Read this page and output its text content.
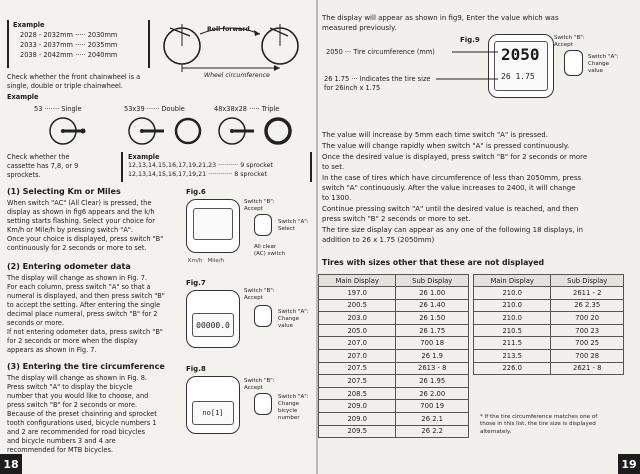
Example
2028 - 2032mm ····· 2030mm
2033 - 2037mm ····· 2035mm
2038 - 2042mm ····· 2040mm
Roll forward
Wheel circumference
Check whether the front chainwheel is a
single, double or triple chainwheel.
Example
53 ······· Single	53x39 ······ Double	48x38x28 ····· Triple
Check whether the
cassette has 7,8, or 9
sprockets.
Example
12,13,14,15,16,17,19,21,23 ·········· 9 sprocket
12,13,14,15,16,17,19,21 ············ 8 sprocket
(1) Selecting Km or Miles
When switch "AC" (All Clear) is pressed, the
display as shown in fig6 appears and the k/h
setting starts flashing. Select your choice for
Km/h or Mile/h by pressing switch "A".
Once your choice is displayed, press switch "B"
continuously for 2 seconds or more to set.
(2) Entering odometer data
The display will change as shown in Fig. 7.
For each column, press switch "A" so that a
numeral is displayed, and then press switch "B"
to accept the setting. After entering the single
decimal place numeral, press switch "B" for 2
seconds or more.
If not entering odometer data, press switch "B"
for 2 seconds or more when the display
appears as shown in Fig. 7.
(3) Entering the tire circumference
The display will change as shown in Fig. 8.
Press switch "A" to display the bicycle
number that you would like to choose, and
press switch "B" for 2 seconds or more.
Because of the preset chainring and sprocket
tooth configurations used, bicycle numbers 1
and 2 are recommended for road bicycles
and bicycle numbers 3 and 4 are
recommended for MTB bicycles.
Fig.6
Km/h Mile/h
Switch "B":
Accept
Switch "A":
Select
All clear
(AC) switch
Fig.7
00000.0
Switch "B":
Accept
Switch "A":
Change
value
Fig.8
no[1]
Switch "B":
Accept
Switch "A":
Change
bicycle
number
18
The display will appear as shown in fig9, Enter the value which was
measured previously.
Fig.9
2050
26 1.75
Switch "B":
Accept
Switch "A":
Change
value
2050 ··· Tire circumference (mm)
26 1.75 ··· Indicates the tire size
for 26inch x 1.75
The value will increase by 5mm each time switch "A" is pressed.
The value will change rapidly when switch "A" is pressed continuously.
Once the desired value is displayed, press switch "B" for 2 seconds or more
to set.
In the case of tires which have circumference of less than 2050mm, press
switch "A" continuously. After the value increases to 2400, it will change
to 1300.
Continue pressing switch "A" until the desired value is reached, and then
press switch "B" 2 seconds or more to set.
The tire size display can appear as any one of the following 18 displays, in
addition to 26 x 1.75 (2050mm)
Tires with sizes other that these are not displayed
Main Display	Sub Display		Main Display	Sub Display
197.0	26 1.00		210.0	2611 - 2
200.5	26 1.40		210.0	26 2.35
203.0	26 1.50		210.0	700 20
205.0	26 1.75		210.5	700 23
207.0	700 18		211.5	700 25
207.0	26 1.9		213.5	700 28
207.5	2613 - 8		226.0	2621 - 8
207.5	26 1.95			
208.5	26 2.00			
209.0	700 19			
209.0	26 2.1			
209.5	26 2.2			
* If the tire circumference matches one of
those in this list, the tire size is displayed
alternately.
19
